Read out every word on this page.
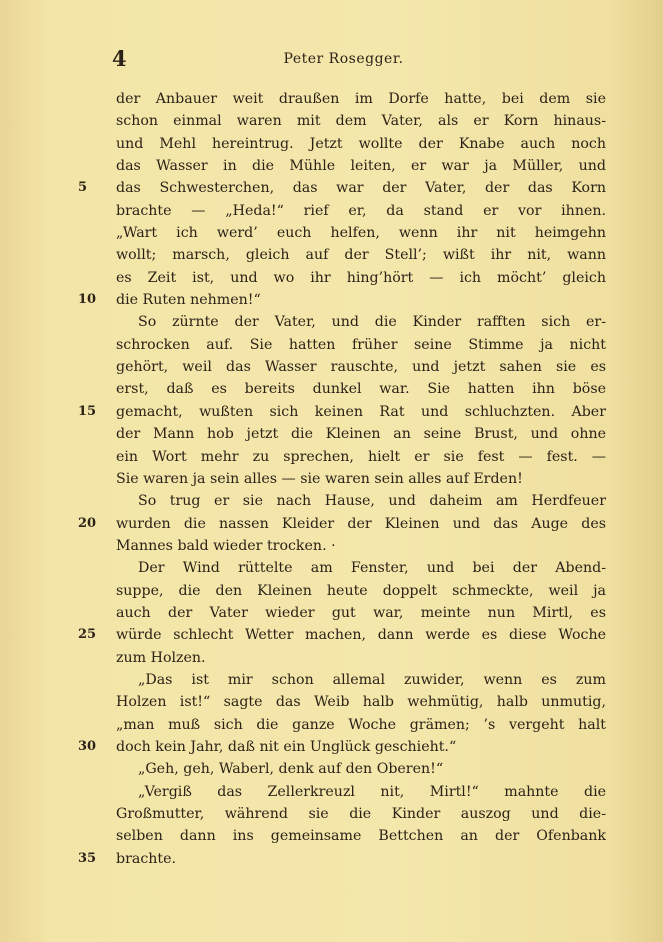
4	Peter Rosegger.
der Anbauer weit draußen im Dorfe hatte, bei dem sie
schon einmal waren mit dem Vater, als er Korn hinaus-
und Mehl hereintrug. Jetzt wollte der Knabe auch noch
das Wasser in die Mühle leiten, er war ja Müller, und
5	das Schwesterchen, das war der Vater, der das Korn
brachte — „Heda!“ rief er, da stand er vor ihnen.
„Wart ich werd’ euch helfen, wenn ihr nit heimgehn
wollt; marsch, gleich auf der Stell’; wißt ihr nit, wann
es Zeit ist, und wo ihr hing’hört — ich möcht’ gleich
10 die Ruten nehmen!“
So zürnte der Vater, und die Kinder rafften sich er-
schrocken auf. Sie hatten früher seine Stimme ja nicht
gehört, weil das Wasser rauschte, und jetzt sahen sie es
erst, daß es bereits dunkel war. Sie hatten ihn böse
15 gemacht, wußten sich keinen Rat und schluchzten. Aber
der Mann hob jetzt die Kleinen an seine Brust, und ohne
ein Wort mehr zu sprechen, hielt er sie fest — fest. —
Sie waren ja sein alles — sie waren sein alles auf Erden!
So trug er sie nach Hause, und daheim am Herdfeuer
20 wurden die nassen Kleider der Kleinen und das Auge des
Mannes bald wieder trocken. ·
Der Wind rüttelte am Fenster, und bei der Abend-
suppe, die den Kleinen heute doppelt schmeckte, weil ja
auch der Vater wieder gut war, meinte nun Mirtl, es
25 würde schlecht Wetter machen, dann werde es diese Woche
zum Holzen.
„Das ist mir schon allemal zuwider, wenn es zum
Holzen ist!“ sagte das Weib halb wehmütig, halb unmutig,
„man muß sich die ganze Woche grämen; ’s vergeht halt
30 doch kein Jahr, daß nit ein Unglück geschieht.“
„Geh, geh, Waberl, denk auf den Oberen!“
„Vergiß das Zellerkreuzl nit, Mirtl!“ mahnte die
Großmutter, während sie die Kinder auszog und die-
selben dann ins gemeinsame Bettchen an der Ofenbank
35 brachte.
